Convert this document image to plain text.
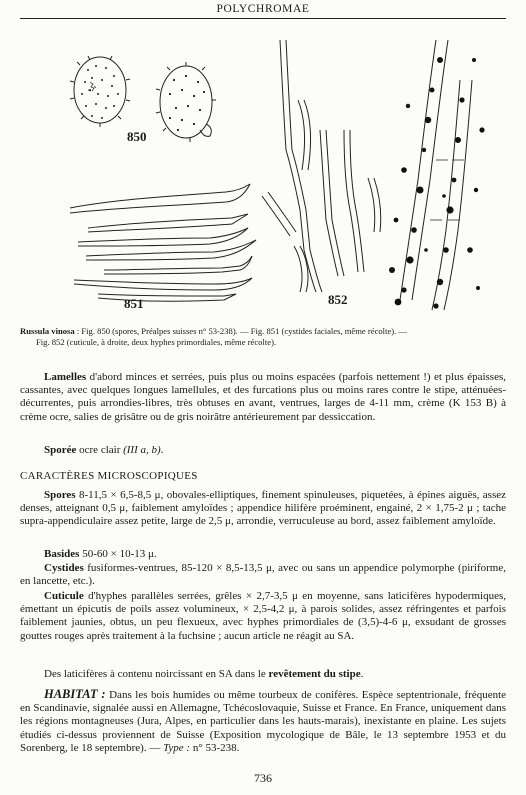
POLYCHROMAE
850
851	852
Russula vinosa : Fig. 850 (spores, Préalpes suisses n° 53-238). — Fig. 851 (cystides faciales, même récolte). —
Fig. 852 (cuticule, à droite, deux hyphes primordiales, même récolte).

Lamelles d'abord minces et serrées, puis plus ou moins espacées (parfois nettement !) et plus épaisses, cassantes, avec quelques longues lamellules, et des furcations plus ou moins rares contre le stipe, atténuées-décurrentes, puis arrondies-libres, très obtuses en avant, ventrues, larges de 4-11 mm, crème (K 153 B) à crème ocre, salies de grisâtre ou de gris noirâtre antérieurement par dessiccation.

Sporée ocre clair (III a, b).

CARACTÈRES MICROSCOPIQUES

Spores 8-11,5 × 6,5-8,5 μ, obovales-elliptiques, finement spinuleuses, piquetées, à épines aiguës, assez denses, atteignant 0,5 μ, faiblement amyloïdes ; appendice hilifère proéminent, engainé, 2 × 1,75-2 μ ; tache supra-appendiculaire assez petite, large de 2,5 μ, arrondie, verruculeuse au bord, assez faiblement amyloïde.

Basides 50-60 × 10-13 μ.

Cystides fusiformes-ventrues, 85-120 × 8,5-13,5 μ, avec ou sans un appendice polymorphe (piriforme, en lancette, etc.).

Cuticule d'hyphes parallèles serrées, grêles × 2,7-3,5 μ en moyenne, sans laticifères hypodermiques, émettant un épicutis de poils assez volumineux, × 2,5-4,2 μ, à parois solides, assez réfringentes et parfois faiblement jaunies, obtus, un peu flexueux, avec hyphes primordiales de (3,5)-4-6 μ, exsudant de grosses gouttes rouges après traitement à la fuchsine ; aucun article ne réagit au SA.

Des laticifères à contenu noircissant en SA dans le revêtement du stipe.

HABITAT : Dans les bois humides ou même tourbeux de conifères. Espèce septentrionale, fréquente en Scandinavie, signalée aussi en Allemagne, Tchécoslovaquie, Suisse et France. En France, uniquement dans les régions montagneuses (Jura, Alpes, en particulier dans les hauts-marais), inexistante en plaine. Les sujets étudiés ci-dessus proviennent de Suisse (Exposition mycologique de Bâle, le 13 septembre 1953 et du Sorenberg, le 18 septembre). — Type : n° 53-238.

736
